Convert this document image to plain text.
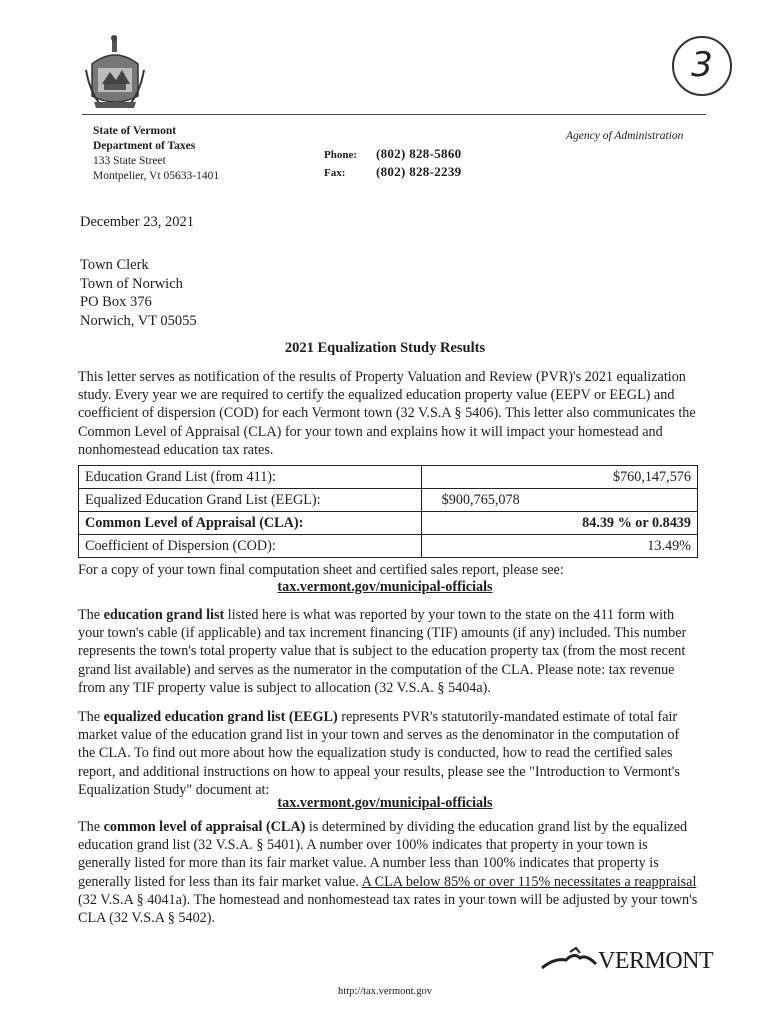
3
State of Vermont
Department of Taxes
133 State Street
Montpelier, Vt 05633-1401
Phone:	(802) 828-5860
Fax:	(802) 828-2239
Agency of Administration
December 23, 2021
Town Clerk
Town of Norwich
PO Box 376
Norwich, VT 05055
2021 Equalization Study Results
This letter serves as notification of the results of Property Valuation and Review (PVR)'s 2021 equalization study. Every year we are required to certify the equalized education property value (EEPV or EEGL) and coefficient of dispersion (COD) for each Vermont town (32 V.S.A § 5406). This letter also communicates the Common Level of Appraisal (CLA) for your town and explains how it will impact your homestead and nonhomestead education tax rates.
Education Grand List (from 411):		$760,147,576
Equalized Education Grand List (EEGL):	$900,765,078	
Common Level of Appraisal (CLA):		84.39 % or 0.8439
Coefficient of Dispersion (COD):		13.49%
For a copy of your town final computation sheet and certified sales report, please see:
tax.vermont.gov/municipal-officials
The education grand list listed here is what was reported by your town to the state on the 411 form with your town's cable (if applicable) and tax increment financing (TIF) amounts (if any) included. This number represents the town's total property value that is subject to the education property tax (from the most recent grand list available) and serves as the numerator in the computation of the CLA. Please note: tax revenue from any TIF property value is subject to allocation (32 V.S.A. § 5404a).
The equalized education grand list (EEGL) represents PVR's statutorily-mandated estimate of total fair market value of the education grand list in your town and serves as the denominator in the computation of the CLA. To find out more about how the equalization study is conducted, how to read the certified sales report, and additional instructions on how to appeal your results, please see the "Introduction to Vermont's Equalization Study" document at:
tax.vermont.gov/municipal-officials
The common level of appraisal (CLA) is determined by dividing the education grand list by the equalized education grand list (32 V.S.A. § 5401). A number over 100% indicates that property in your town is generally listed for more than its fair market value. A number less than 100% indicates that property is generally listed for less than its fair market value. A CLA below 85% or over 115% necessitates a reappraisal (32 V.S.A § 4041a). The homestead and nonhomestead tax rates in your town will be adjusted by your town's CLA (32 V.S.A § 5402).
VERMONT
http://tax.vermont.gov
